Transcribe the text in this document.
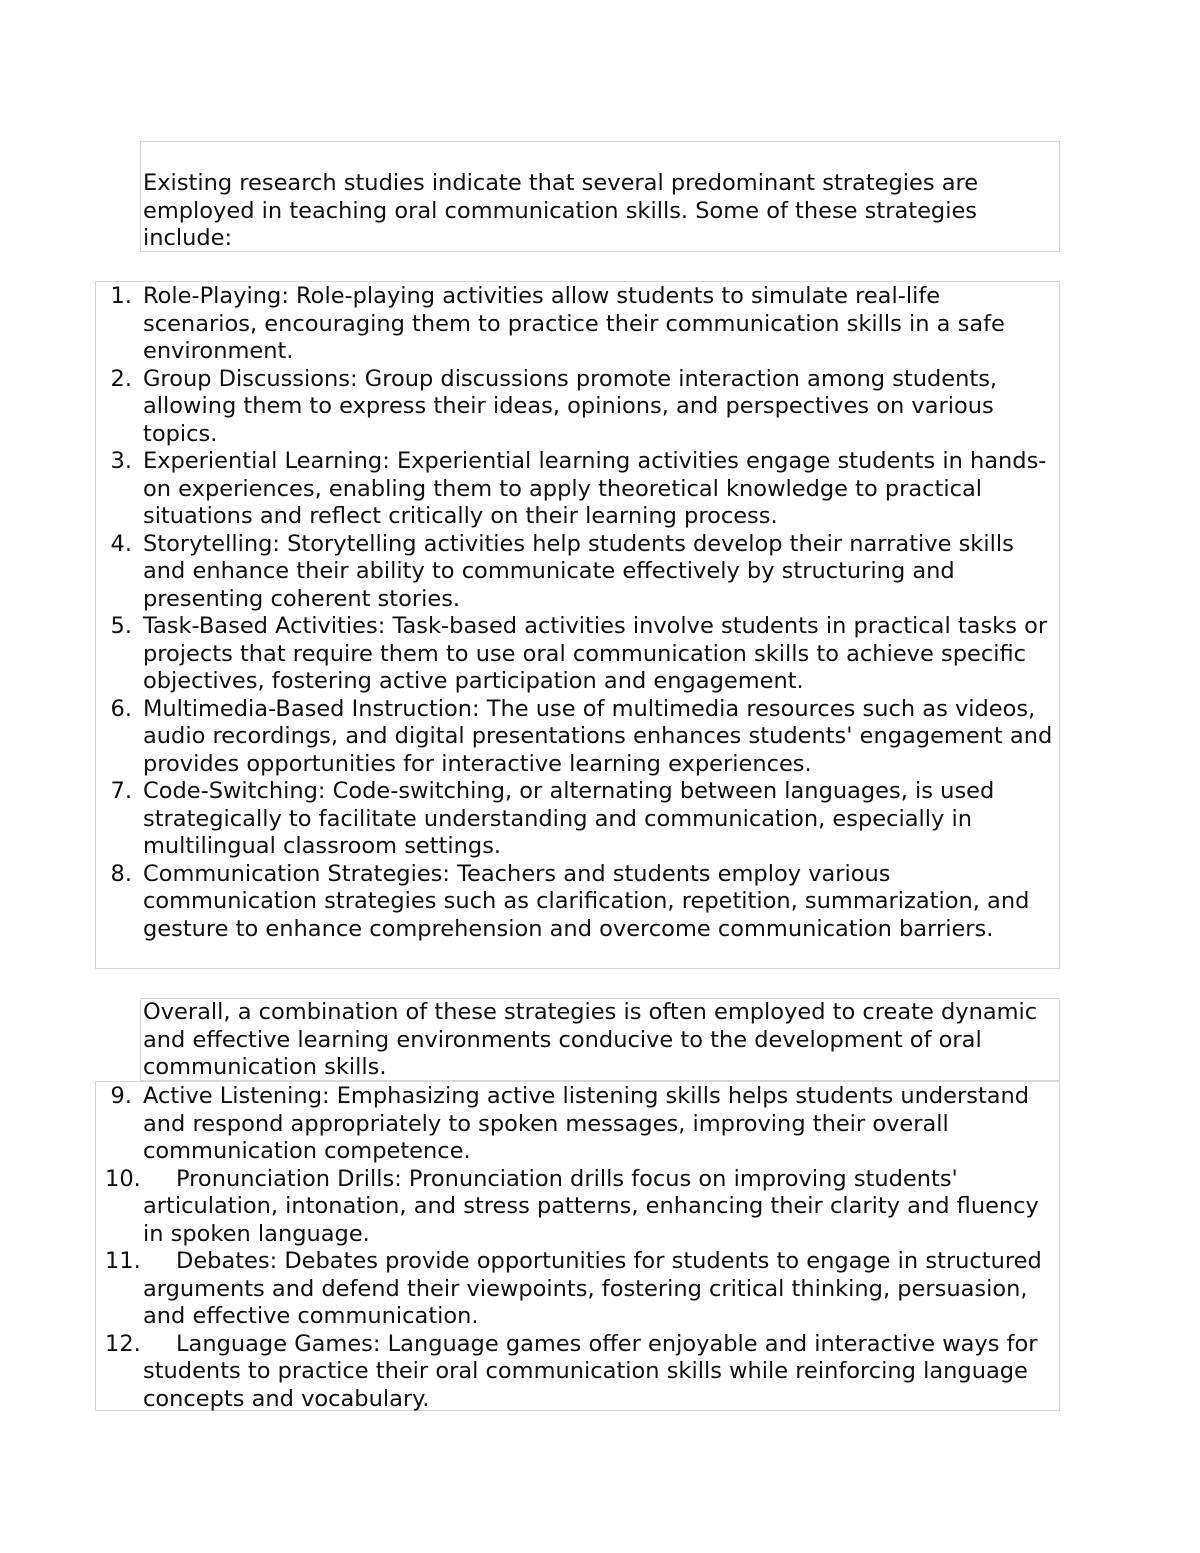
Existing research studies indicate that several predominant strategies are employed in teaching oral communication skills. Some of these strategies include:

1. Role-Playing: Role-playing activities allow students to simulate real-life scenarios, encouraging them to practice their communication skills in a safe environment.
2. Group Discussions: Group discussions promote interaction among students, allowing them to express their ideas, opinions, and perspectives on various topics.
3. Experiential Learning: Experiential learning activities engage students in hands-on experiences, enabling them to apply theoretical knowledge to practical situations and reflect critically on their learning process.
4. Storytelling: Storytelling activities help students develop their narrative skills and enhance their ability to communicate effectively by structuring and presenting coherent stories.
5. Task-Based Activities: Task-based activities involve students in practical tasks or projects that require them to use oral communication skills to achieve specific objectives, fostering active participation and engagement.
6. Multimedia-Based Instruction: The use of multimedia resources such as videos, audio recordings, and digital presentations enhances students' engagement and provides opportunities for interactive learning experiences.
7. Code-Switching: Code-switching, or alternating between languages, is used strategically to facilitate understanding and communication, especially in multilingual classroom settings.
8. Communication Strategies: Teachers and students employ various communication strategies such as clarification, repetition, summarization, and gesture to enhance comprehension and overcome communication barriers.

Overall, a combination of these strategies is often employed to create dynamic and effective learning environments conducive to the development of oral communication skills.

9. Active Listening: Emphasizing active listening skills helps students understand and respond appropriately to spoken messages, improving their overall communication competence.
10. Pronunciation Drills: Pronunciation drills focus on improving students' articulation, intonation, and stress patterns, enhancing their clarity and fluency in spoken language.
11. Debates: Debates provide opportunities for students to engage in structured arguments and defend their viewpoints, fostering critical thinking, persuasion, and effective communication.
12. Language Games: Language games offer enjoyable and interactive ways for students to practice their oral communication skills while reinforcing language concepts and vocabulary.
